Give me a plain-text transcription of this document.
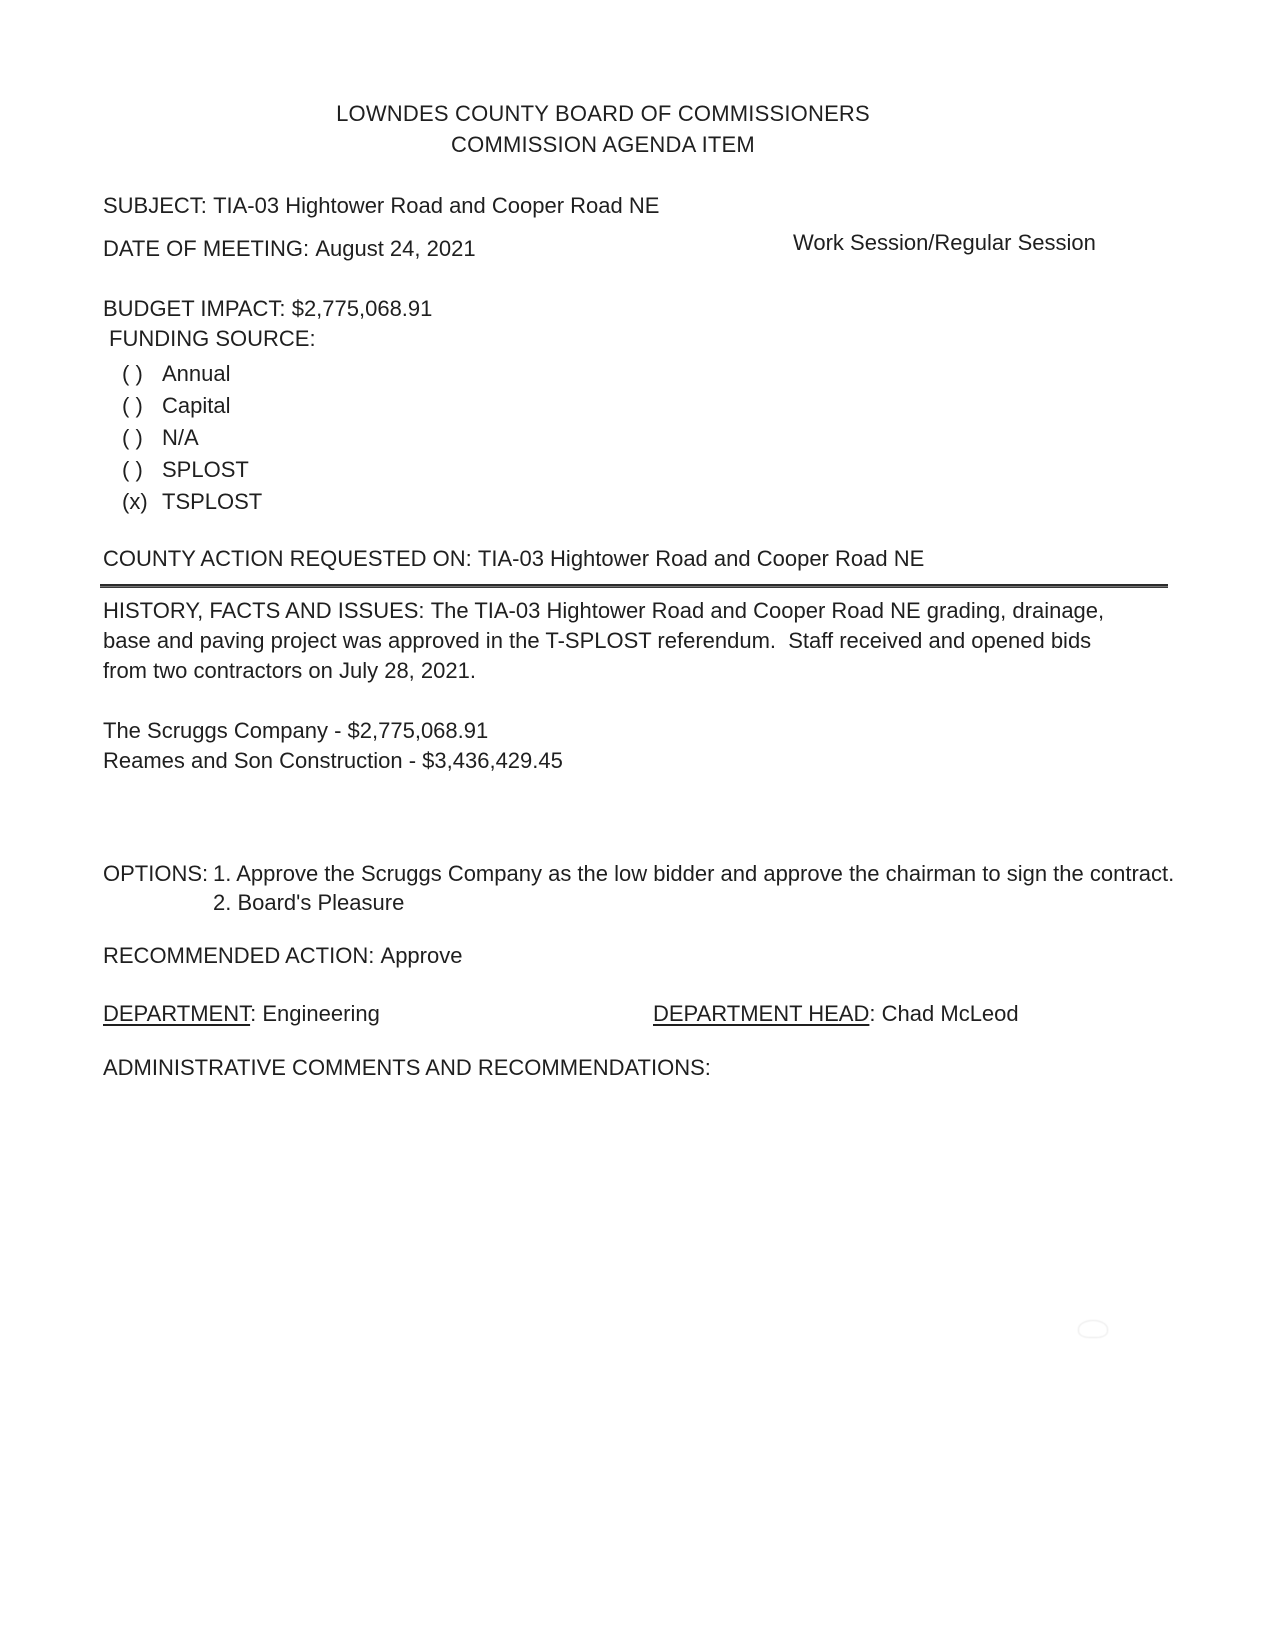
LOWNDES COUNTY BOARD OF COMMISSIONERS
COMMISSION AGENDA ITEM
SUBJECT: TIA-03 Hightower Road and Cooper Road NE
DATE OF MEETING: August 24, 2021	Work Session/Regular Session
BUDGET IMPACT: $2,775,068.91
FUNDING SOURCE:
( ) Annual
( ) Capital
( ) N/A
( ) SPLOST
(x) TSPLOST
COUNTY ACTION REQUESTED ON: TIA-03 Hightower Road and Cooper Road NE
HISTORY, FACTS AND ISSUES: The TIA-03 Hightower Road and Cooper Road NE grading, drainage, base and paving project was approved in the T-SPLOST referendum.  Staff received and opened bids from two contractors on July 28, 2021.
The Scruggs Company - $2,775,068.91
Reames and Son Construction - $3,436,429.45
OPTIONS: 1. Approve the Scruggs Company as the low bidder and approve the chairman to sign the contract.
2. Board's Pleasure
RECOMMENDED ACTION: Approve
DEPARTMENT: Engineering	DEPARTMENT HEAD: Chad McLeod
ADMINISTRATIVE COMMENTS AND RECOMMENDATIONS:
